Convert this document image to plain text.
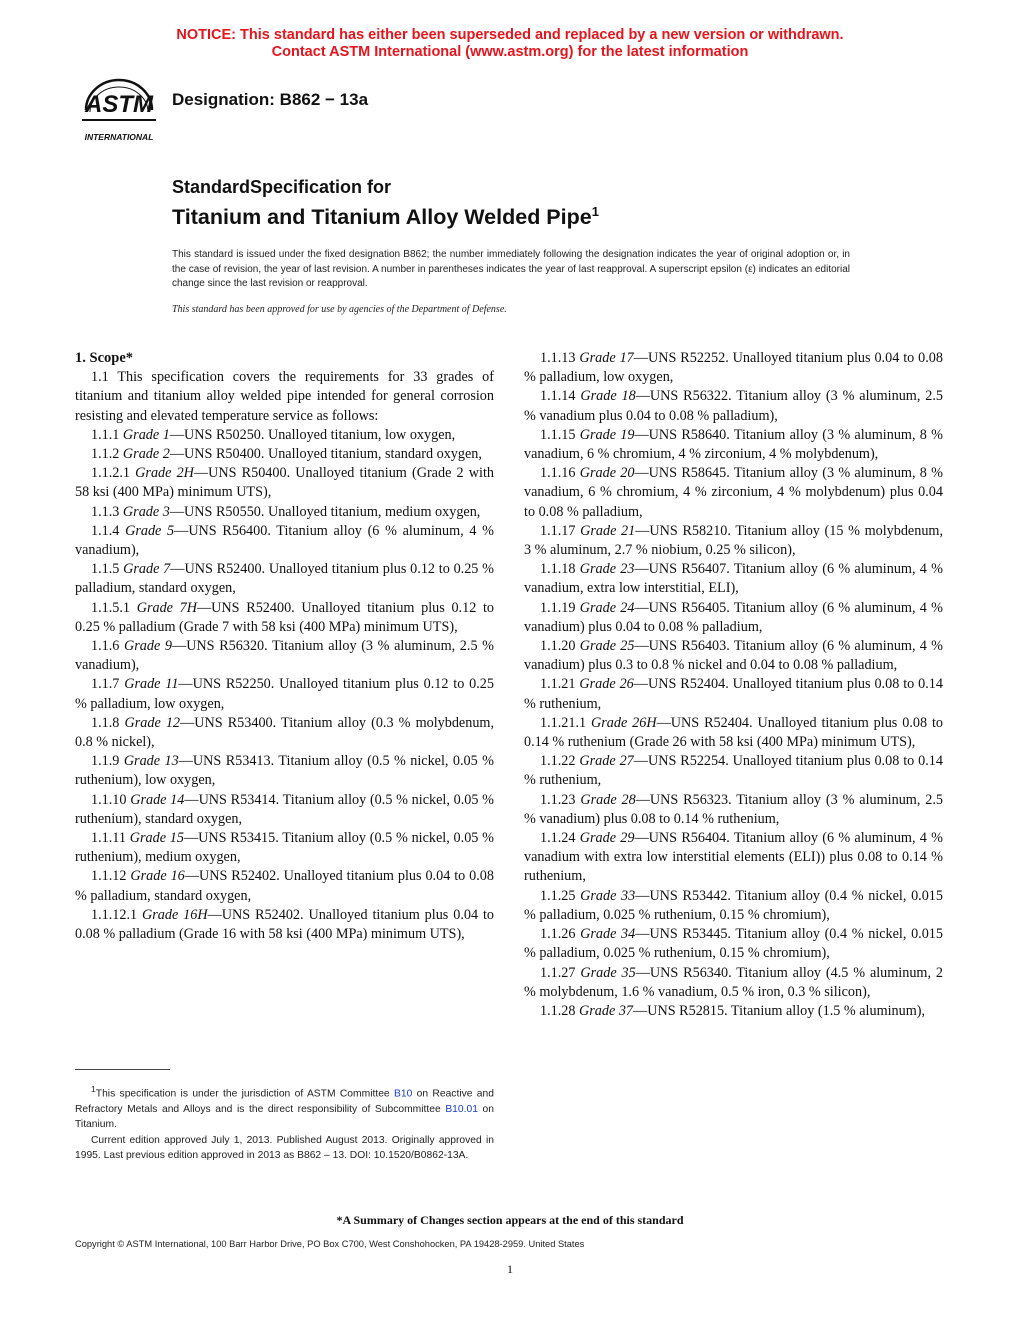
NOTICE: This standard has either been superseded and replaced by a new version or withdrawn.
Contact ASTM International (www.astm.org) for the latest information
ASTM
INTERNATIONAL
Designation: B862 − 13a
StandardSpecification for
Titanium and Titanium Alloy Welded Pipe$^1$
This standard is issued under the fixed designation B862; the number immediately following the designation indicates the year of original adoption or, in the case of revision, the year of last revision. A number in parentheses indicates the year of last reapproval. A superscript epsilon (ε) indicates an editorial change since the last revision or reapproval.
This standard has been approved for use by agencies of the Department of Defense.

1. Scope*

1.1 This specification covers the requirements for 33 grades of titanium and titanium alloy welded pipe intended for general corrosion resisting and elevated temperature service as follows:

1.1.1 Grade 1—UNS R50250. Unalloyed titanium, low oxygen,

1.1.2 Grade 2—UNS R50400. Unalloyed titanium, standard oxygen,

1.1.2.1 Grade 2H—UNS R50400. Unalloyed titanium (Grade 2 with 58 ksi (400 MPa) minimum UTS),

1.1.3 Grade 3—UNS R50550. Unalloyed titanium, medium oxygen,

1.1.4 Grade 5—UNS R56400. Titanium alloy (6 % aluminum, 4 % vanadium),

1.1.5 Grade 7—UNS R52400. Unalloyed titanium plus 0.12 to 0.25 % palladium, standard oxygen,

1.1.5.1 Grade 7H—UNS R52400. Unalloyed titanium plus 0.12 to 0.25 % palladium (Grade 7 with 58 ksi (400 MPa) minimum UTS),

1.1.6 Grade 9—UNS R56320. Titanium alloy (3 % aluminum, 2.5 % vanadium),

1.1.7 Grade 11—UNS R52250. Unalloyed titanium plus 0.12 to 0.25 % palladium, low oxygen,

1.1.8 Grade 12—UNS R53400. Titanium alloy (0.3 % molybdenum, 0.8 % nickel),

1.1.9 Grade 13—UNS R53413. Titanium alloy (0.5 % nickel, 0.05 % ruthenium), low oxygen,

1.1.10 Grade 14—UNS R53414. Titanium alloy (0.5 % nickel, 0.05 % ruthenium), standard oxygen,

1.1.11 Grade 15—UNS R53415. Titanium alloy (0.5 % nickel, 0.05 % ruthenium), medium oxygen,

1.1.12 Grade 16—UNS R52402. Unalloyed titanium plus 0.04 to 0.08 % palladium, standard oxygen,

1.1.12.1 Grade 16H—UNS R52402. Unalloyed titanium plus 0.04 to 0.08 % palladium (Grade 16 with 58 ksi (400 MPa) minimum UTS),

1.1.13 Grade 17—UNS R52252. Unalloyed titanium plus 0.04 to 0.08 % palladium, low oxygen,

1.1.14 Grade 18—UNS R56322. Titanium alloy (3 % aluminum, 2.5 % vanadium plus 0.04 to 0.08 % palladium),

1.1.15 Grade 19—UNS R58640. Titanium alloy (3 % aluminum, 8 % vanadium, 6 % chromium, 4 % zirconium, 4 % molybdenum),

1.1.16 Grade 20—UNS R58645. Titanium alloy (3 % aluminum, 8 % vanadium, 6 % chromium, 4 % zirconium, 4 % molybdenum) plus 0.04 to 0.08 % palladium,

1.1.17 Grade 21—UNS R58210. Titanium alloy (15 % molybdenum, 3 % aluminum, 2.7 % niobium, 0.25 % silicon),

1.1.18 Grade 23—UNS R56407. Titanium alloy (6 % aluminum, 4 % vanadium, extra low interstitial, ELI),

1.1.19 Grade 24—UNS R56405. Titanium alloy (6 % aluminum, 4 % vanadium) plus 0.04 to 0.08 % palladium,

1.1.20 Grade 25—UNS R56403. Titanium alloy (6 % aluminum, 4 % vanadium) plus 0.3 to 0.8 % nickel and 0.04 to 0.08 % palladium,

1.1.21 Grade 26—UNS R52404. Unalloyed titanium plus 0.08 to 0.14 % ruthenium,

1.1.21.1 Grade 26H—UNS R52404. Unalloyed titanium plus 0.08 to 0.14 % ruthenium (Grade 26 with 58 ksi (400 MPa) minimum UTS),

1.1.22 Grade 27—UNS R52254. Unalloyed titanium plus 0.08 to 0.14 % ruthenium,

1.1.23 Grade 28—UNS R56323. Titanium alloy (3 % aluminum, 2.5 % vanadium) plus 0.08 to 0.14 % ruthenium,

1.1.24 Grade 29—UNS R56404. Titanium alloy (6 % aluminum, 4 % vanadium with extra low interstitial elements (ELI)) plus 0.08 to 0.14 % ruthenium,

1.1.25 Grade 33—UNS R53442. Titanium alloy (0.4 % nickel, 0.015 % palladium, 0.025 % ruthenium, 0.15 % chromium),

1.1.26 Grade 34—UNS R53445. Titanium alloy (0.4 % nickel, 0.015 % palladium, 0.025 % ruthenium, 0.15 % chromium),

1.1.27 Grade 35—UNS R56340. Titanium alloy (4.5 % aluminum, 2 % molybdenum, 1.6 % vanadium, 0.5 % iron, 0.3 % silicon),

1.1.28 Grade 37—UNS R52815. Titanium alloy (1.5 % aluminum),

$^1$This specification is under the jurisdiction of ASTM Committee B10 on Reactive and Refractory Metals and Alloys and is the direct responsibility of Subcommittee B10.01 on Titanium.

Current edition approved July 1, 2013. Published August 2013. Originally approved in 1995. Last previous edition approved in 2013 as B862 – 13. DOI: 10.1520/B0862-13A.

*A Summary of Changes section appears at the end of this standard
Copyright © ASTM International, 100 Barr Harbor Drive, PO Box C700, West Conshohocken, PA 19428-2959. United States
1
